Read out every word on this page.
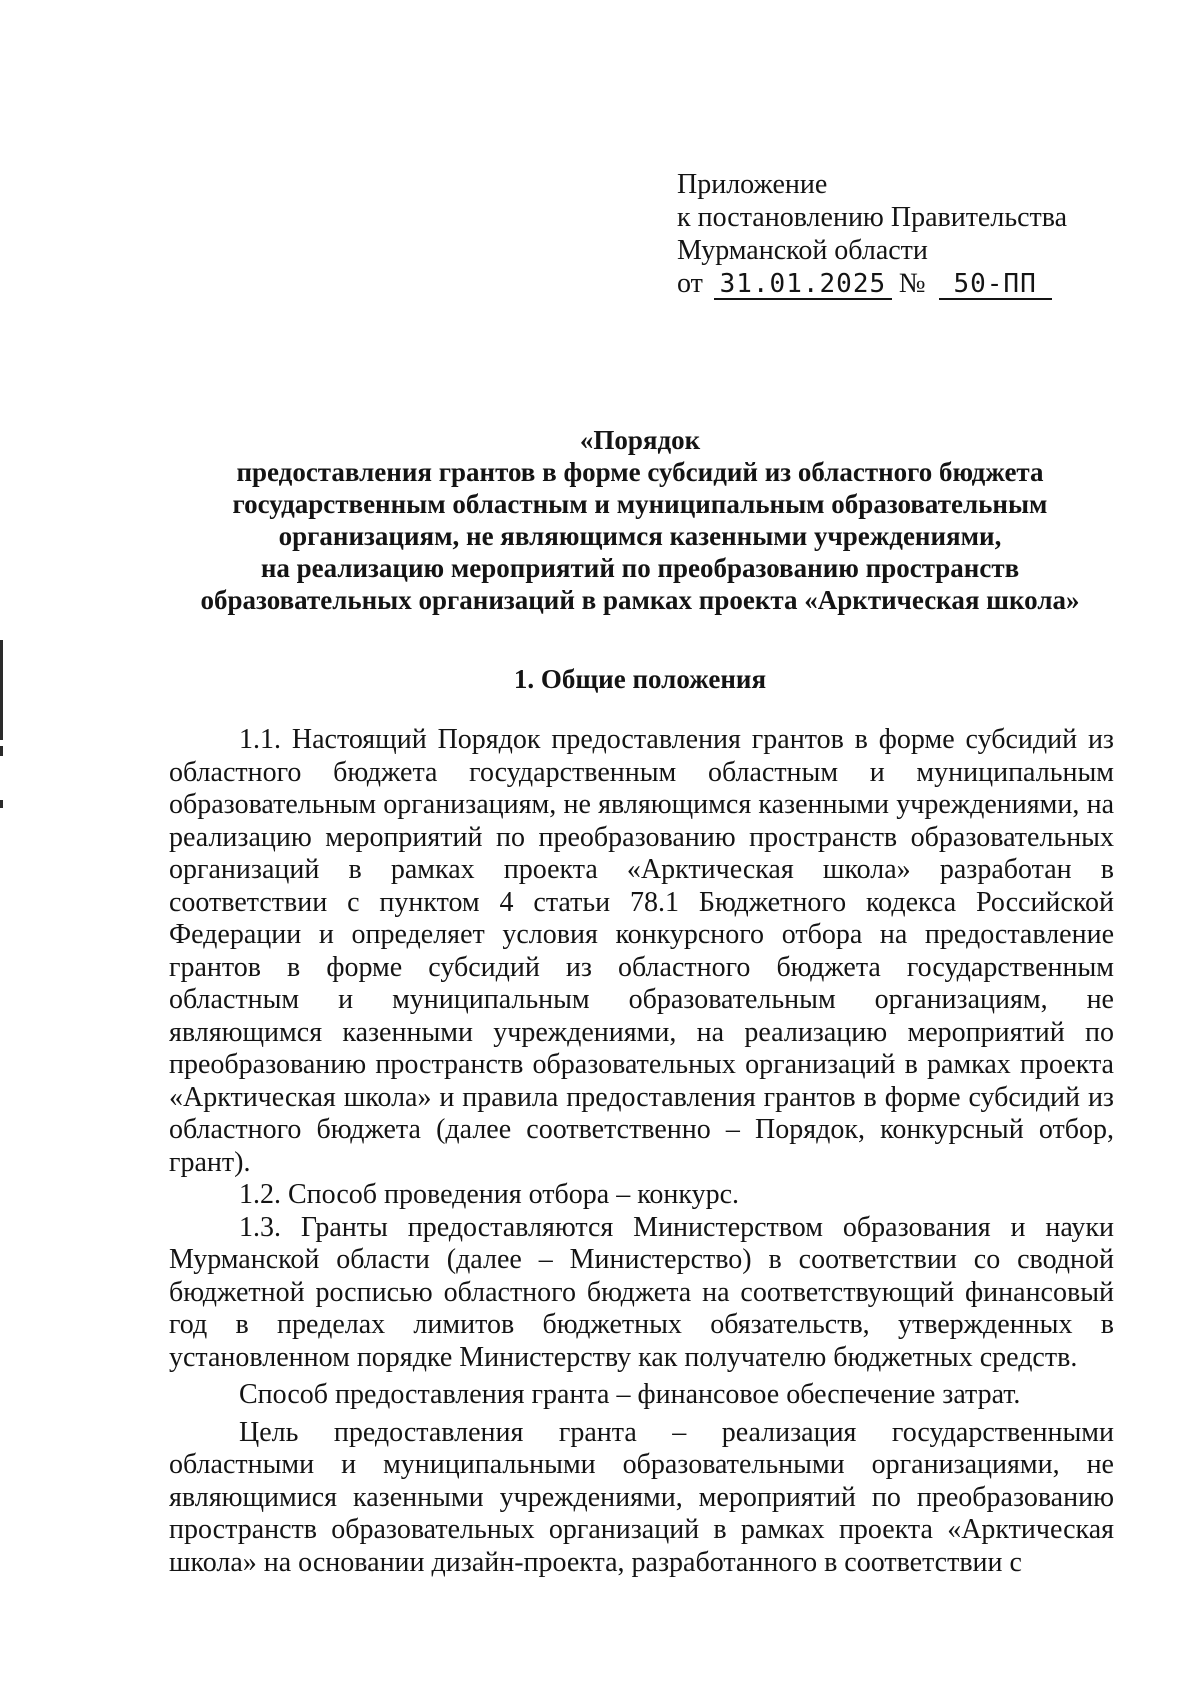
Приложение
к постановлению Правительства
Мурманской области
от 31.01.2025 № 50-ПП
«Порядок
предоставления грантов в форме субсидий из областного бюджета
государственным областным и муниципальным образовательным
организациям, не являющимся казенными учреждениями,
на реализацию мероприятий по преобразованию пространств
образовательных организаций в рамках проекта «Арктическая школа»
1. Общие положения

1.1. Настоящий Порядок предоставления грантов в форме субсидий из областного бюджета государственным областным и муниципальным образовательным организациям, не являющимся казенными учреждениями, на реализацию мероприятий по преобразованию пространств образовательных организаций в рамках проекта «Арктическая школа» разработан в соответствии с пунктом 4 статьи 78.1 Бюджетного кодекса Российской Федерации и определяет условия конкурсного отбора на предоставление грантов в форме субсидий из областного бюджета государственным областным и муниципальным образовательным организациям, не являющимся казенными учреждениями, на реализацию мероприятий по преобразованию пространств образовательных организаций в рамках проекта «Арктическая школа» и правила предоставления грантов в форме субсидий из областного бюджета (далее соответственно – Порядок, конкурсный отбор, грант).

1.2. Способ проведения отбора – конкурс.

1.3. Гранты предоставляются Министерством образования и науки Мурманской области (далее – Министерство) в соответствии со сводной бюджетной росписью областного бюджета на соответствующий финансовый год в пределах лимитов бюджетных обязательств, утвержденных в установленном порядке Министерству как получателю бюджетных средств.

Способ предоставления гранта – финансовое обеспечение затрат.

Цель предоставления гранта – реализация государственными областными и муниципальными образовательными организациями, не являющимися казенными учреждениями, мероприятий по преобразованию пространств образовательных организаций в рамках проекта «Арктическая школа» на основании дизайн-проекта, разработанного в соответствии с
